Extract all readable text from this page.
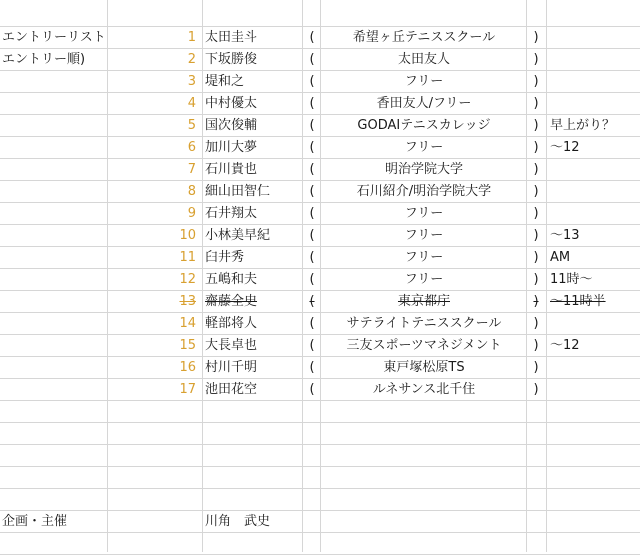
エントリーリスト	1 太田圭斗	(	希望ヶ丘テニススクール	)
エントリー順)	2 下坂勝俊	(	太田友人	)
3 堤和之	(	フリー	)
4 中村優太	(	香田友人/フリー	)
5 国次俊輔	(	GODAIテニスカレッジ	) 早上がり？
6 加川大夢	(	フリー	) 〜12
7 石川貴也	(	明治学院大学	)
8 細山田智仁	(	石川紹介/明治学院大学	)
9 石井翔太	(	フリー	)
10 小林美早紀	(	フリー	) 〜13
11 臼井秀	(	フリー	) AM
12 五嶋和夫	(	フリー	) 11時〜
13 齋藤全史	(	東京都庁	) 〜11時半
14 軽部将人	(	サテライトテニススクール	)
15 大長卓也	(	三友スポーツマネジメント	) 〜12
16 村川千明	(	東戸塚松原TS	)
17 池田花空	(	ルネサンス北千住	)
企画・主催	川角　武史
